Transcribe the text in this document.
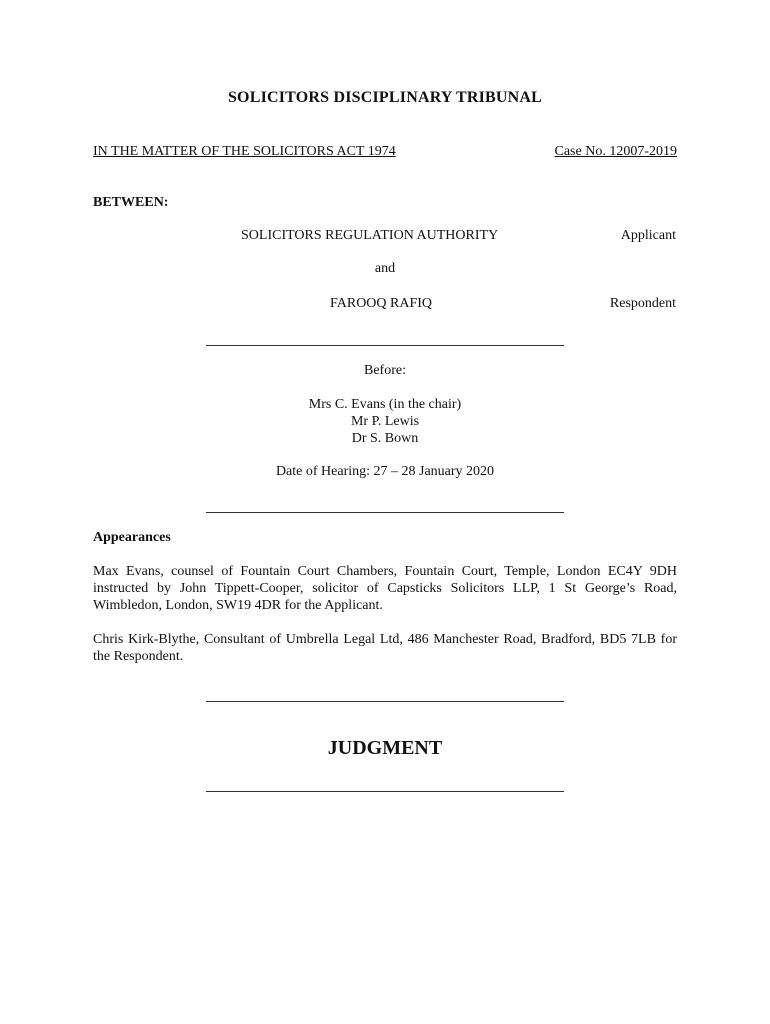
SOLICITORS DISCIPLINARY TRIBUNAL
IN THE MATTER OF THE SOLICITORS ACT 1974	Case No. 12007-2019
BETWEEN:
SOLICITORS REGULATION AUTHORITY	Applicant
and
FAROOQ RAFIQ	Respondent
Before:
Mrs C. Evans (in the chair)
Mr P. Lewis
Dr S. Bown
Date of Hearing: 27 – 28 January 2020
Appearances
Max Evans, counsel of Fountain Court Chambers, Fountain Court, Temple, London EC4Y 9DH instructed by John Tippett-Cooper, solicitor of Capsticks Solicitors LLP, 1 St George’s Road, Wimbledon, London, SW19 4DR for the Applicant.
Chris Kirk-Blythe, Consultant of Umbrella Legal Ltd, 486 Manchester Road, Bradford, BD5 7LB for the Respondent.
JUDGMENT
